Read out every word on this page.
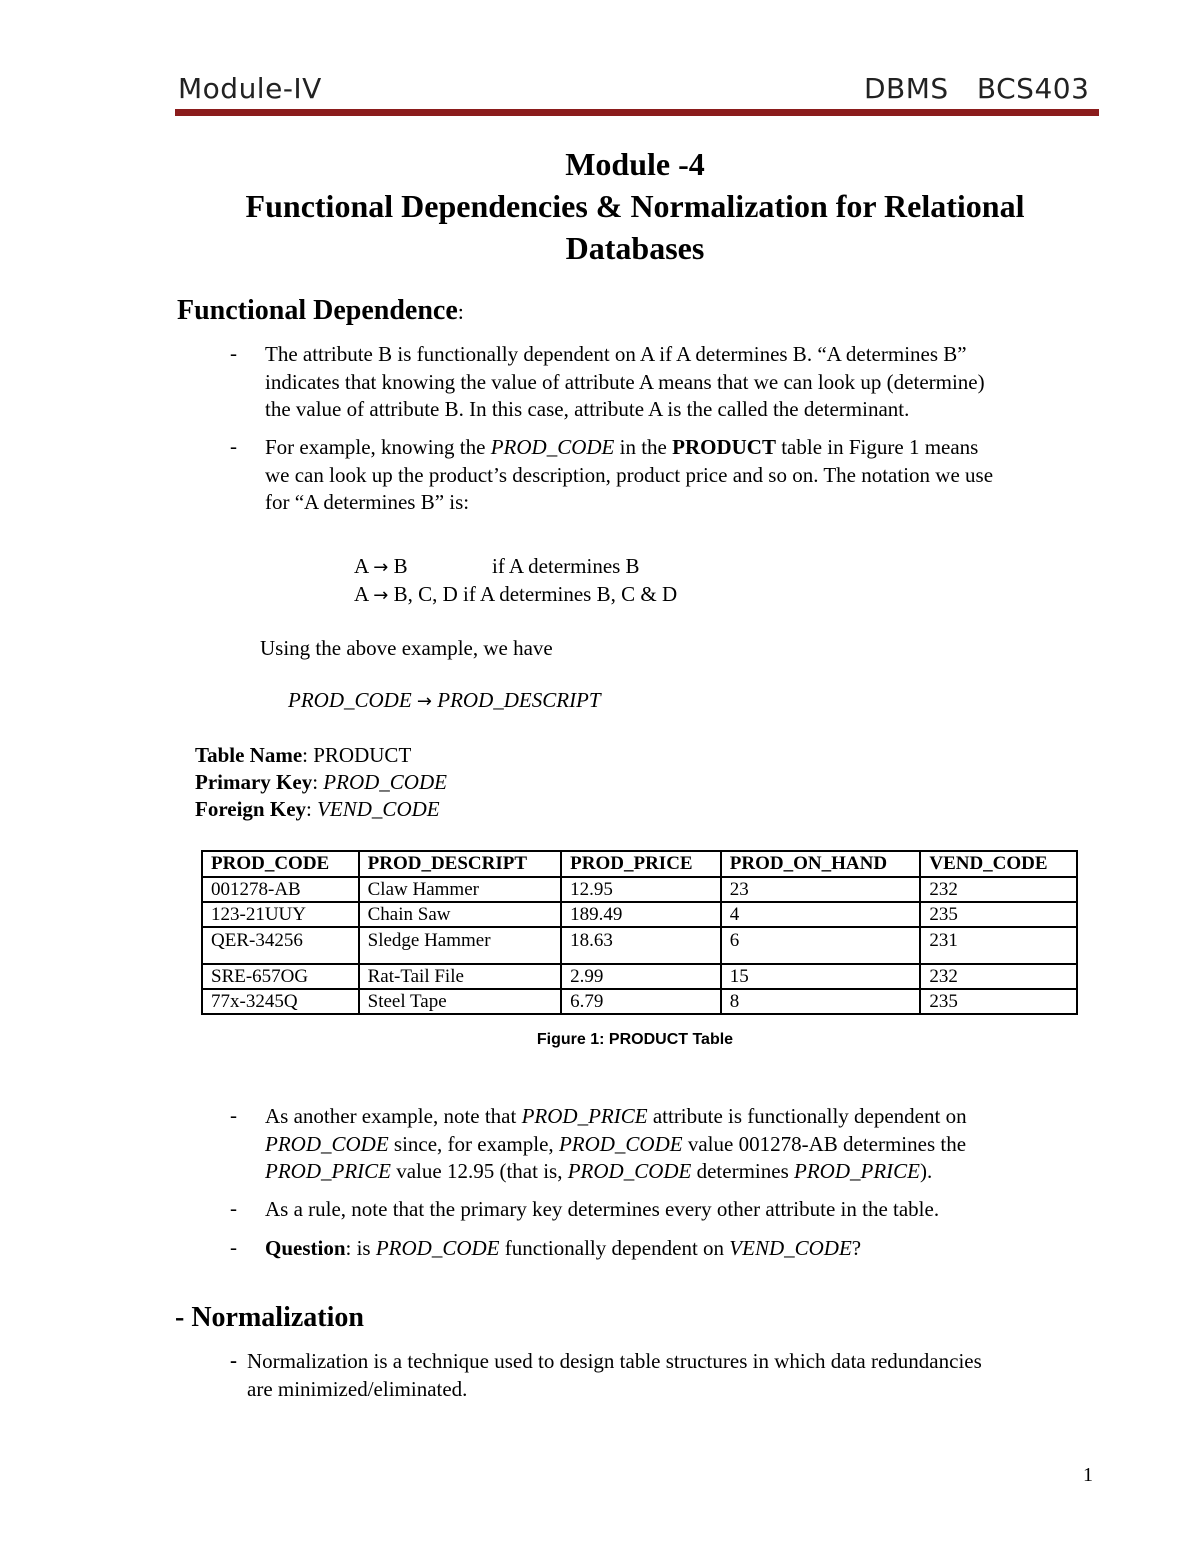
Module-IV	DBMS   BCS403
Module -4
Functional Dependencies & Normalization for Relational
Databases
Functional Dependence:
- The attribute B is functionally dependent on A if A determines B. “A determines B”
indicates that knowing the value of attribute A means that we can look up (determine)
the value of attribute B. In this case, attribute A is the called the determinant.
- For example, knowing the PROD_CODE in the PRODUCT table in Figure 1 means
we can look up the product’s description, product price and so on. The notation we use
for “A determines B” is:
A → B	if A determines B
A → B, C, D if A determines B, C & D
Using the above example, we have
PROD_CODE → PROD_DESCRIPT
Table Name: PRODUCT
Primary Key: PROD_CODE
Foreign Key: VEND_CODE
PROD_CODE	PROD_DESCRIPT	PROD_PRICE	PROD_ON_HAND	VEND_CODE
001278-AB	Claw Hammer	12.95	23	232
123-21UUY	Chain Saw	189.49	4	235
QER-34256	Sledge Hammer	18.63	6	231
SRE-657OG	Rat-Tail File	2.99	15	232
77x-3245Q	Steel Tape	6.79	8	235
Figure 1: PRODUCT Table
- As another example, note that PROD_PRICE attribute is functionally dependent on
PROD_CODE since, for example, PROD_CODE value 001278-AB determines the
PROD_PRICE value 12.95 (that is, PROD_CODE determines PROD_PRICE).
- As a rule, note that the primary key determines every other attribute in the table.
- Question: is PROD_CODE functionally dependent on VEND_CODE?
- Normalization
- Normalization is a technique used to design table structures in which data redundancies
are minimized/eliminated.
1
